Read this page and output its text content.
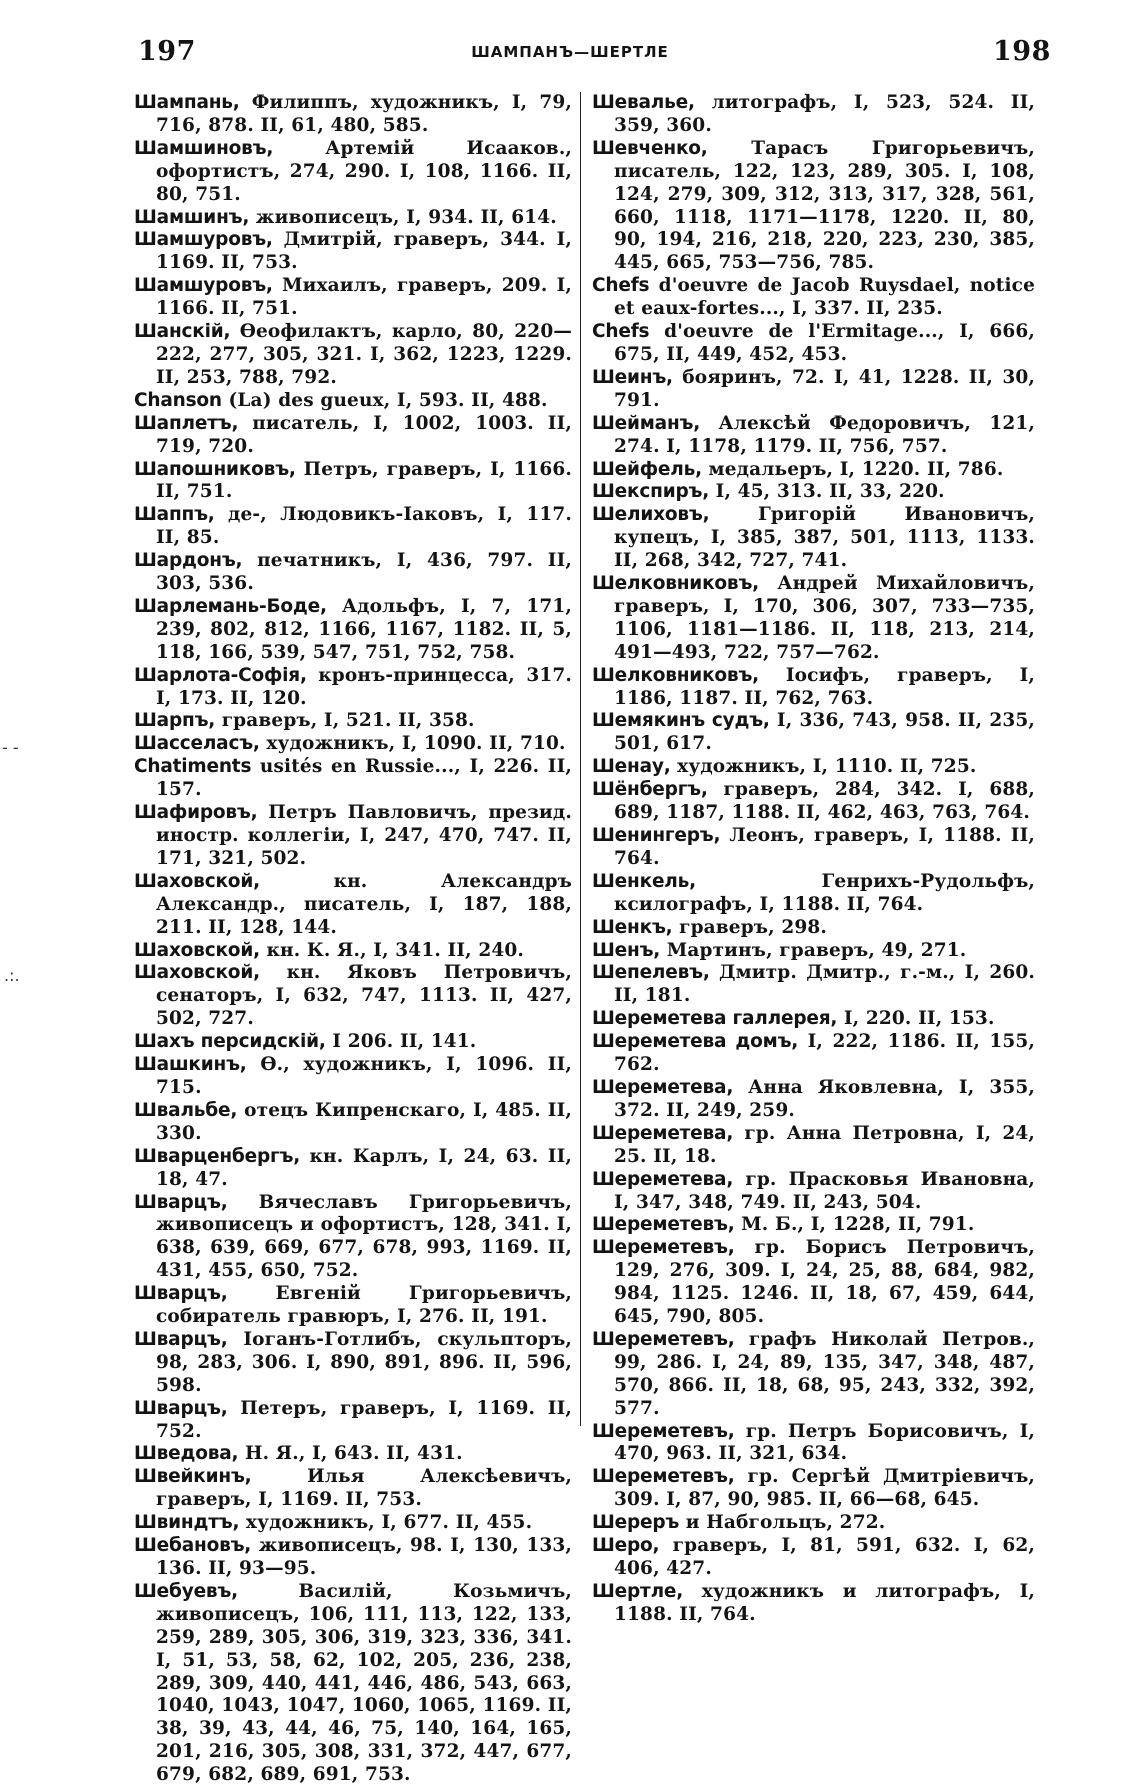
197	ШАМПАНЪ—ШЕРТЛЕ	198

Шампань, Филиппъ, художникъ, I, 79, 716, 878. II, 61, 480, 585.

Шамшиновъ,	Артемій Исааков., офортистъ, 274, 290. I, 108, 1166. II, 80, 751.

Шамшинъ, живописецъ, I, 934. II, 614.

Шамшуровъ, Дмитрій, граверъ, 344. I, 1169. II, 753.

Шамшуровъ, Михаилъ, граверъ, 209. I, 1166. II, 751.

Шанскій, Ѳеофилактъ, карло, 80, 220—222, 277, 305, 321. I, 362, 1223, 1229. II, 253, 788, 792.

Chanson (La) des gueux, I, 593. II, 488.

Шаплетъ, писатель, I, 1002, 1003. II, 719, 720.

Шапошниковъ, Петръ, граверъ, I, 1166. II, 751.

Шаппъ, де-, Людовикъ-Іаковъ, I, 117. II, 85.

Шардонъ, печатникъ, I, 436, 797. II, 303, 536.

Шарлемань-Боде, Адольфъ, I, 7, 171, 239, 802, 812, 1166, 1167, 1182. II, 5, 118, 166, 539, 547, 751, 752, 758.

Шарлота-Софія, кронъ-принцесса, 317. I, 173. II, 120.

Шарпъ, граверъ, I, 521. II, 358.

Шасселасъ, художникъ, I, 1090. II, 710.

Chatiments usités en Russie..., I, 226. II, 157.

Шафировъ, Петръ Павловичъ, презид. иностр. коллегіи, I, 247, 470, 747. II, 171, 321, 502.

Шаховской,	кн. Александръ Александр., писатель, I, 187, 188, 211. II, 128, 144.

Шаховской, кн. К. Я., I, 341. II, 240.

Шаховской, кн. Яковъ Петровичъ, сенаторъ, I, 632, 747, 1113. II, 427, 502, 727.

Шахъ персидскій, I 206. II, 141.

Шашкинъ, Ѳ., художникъ, I, 1096. II, 715.

Швальбе, отецъ Кипренскаго, I, 485. II, 330.

Шварценбергъ, кн. Карлъ, I, 24, 63. II, 18, 47.

Шварцъ, Вячеславъ Григорьевичъ, живописецъ и офортистъ, 128, 341. I, 638, 639, 669, 677, 678, 993, 1169. II, 431, 455, 650, 752.

Шварцъ,	Евгеній Григорьевичъ, собиратель гравюръ, I, 276. II, 191.

Шварцъ, Іоганъ-Готлибъ, скульпторъ, 98, 283, 306. I, 890, 891, 896. II, 596, 598.

Шварцъ, Петеръ, граверъ, I, 1169. II, 752.

Шведова, Н. Я., I, 643. II, 431.

Швейкинъ,	Илья Алексѣевичъ, граверъ, I, 1169. II, 753.

Швиндтъ, художникъ, I, 677. II, 455.

Шебановъ, живописецъ, 98. I, 130, 133, 136. II, 93—95.

Шебуевъ,	Василій, Козьмичъ, живописецъ, 106, 111, 113, 122, 133, 259, 289, 305, 306, 319, 323, 336, 341. I, 51, 53, 58, 62, 102, 205, 236, 238, 289, 309, 440, 441, 446, 486, 543, 663, 1040, 1043, 1047, 1060, 1065, 1169. II, 38, 39, 43, 44, 46, 75, 140, 164, 165, 201, 216, 305, 308, 331, 372, 447, 677, 679, 682, 689, 691, 753.

Шевалье, литографъ, I, 523, 524. II, 359, 360.

Шевченко, Тарасъ Григорьевичъ, писатель, 122, 123, 289, 305. I, 108, 124, 279, 309, 312, 313, 317, 328, 561, 660, 1118, 1171—1178, 1220. II, 80, 90, 194, 216, 218, 220, 223, 230, 385, 445, 665, 753—756, 785.

Chefs d'oeuvre de Jacob Ruysdael, notice et eaux-fortes..., I, 337. II, 235.

Chefs d'oeuvre de l'Ermitage..., I, 666, 675, II, 449, 452, 453.

Шеинъ, бояринъ, 72. I, 41, 1228. II, 30, 791.

Шейманъ, Алексѣй Федоровичъ, 121, 274. I, 1178, 1179. II, 756, 757.

Шейфель, медальеръ, I, 1220. II, 786.

Шекспиръ, I, 45, 313. II, 33, 220.

Шелиховъ,	Григорій Ивановичъ, купецъ, I, 385, 387, 501, 1113, 1133. II, 268, 342, 727, 741.

Шелковниковъ, Андрей Михайловичъ, граверъ, I, 170, 306, 307, 733—735, 1106, 1181—1186. II, 118, 213, 214, 491—493, 722, 757—762.

Шелковниковъ, Іосифъ, граверъ, I, 1186, 1187. II, 762, 763.

Шемякинъ судъ, I, 336, 743, 958. II, 235, 501, 617.

Шенау, художникъ, I, 1110. II, 725.

Шёнбергъ, граверъ, 284, 342. I, 688, 689, 1187, 1188. II, 462, 463, 763, 764.

Шенингеръ, Леонъ, граверъ, I, 1188. II, 764.

Шенкель,	Генрихъ-Рудольфъ, ксилографъ, I, 1188. II, 764.

Шенкъ, граверъ, 298.

Шенъ, Мартинъ, граверъ, 49, 271.

Шепелевъ, Дмитр. Дмитр., г.-м., I, 260. II, 181.

Шереметева галлерея, I, 220. II, 153.

Шереметева домъ, I, 222, 1186. II, 155, 762.

Шереметева, Анна Яковлевна, I, 355, 372. II, 249, 259.

Шереметева, гр. Анна Петровна, I, 24, 25. II, 18.

Шереметева, гр. Прасковья Ивановна, I, 347, 348, 749. II, 243, 504.

Шереметевъ, М. Б., I, 1228, II, 791.

Шереметевъ, гр. Борисъ Петровичъ, 129, 276, 309. I, 24, 25, 88, 684, 982, 984, 1125. 1246. II, 18, 67, 459, 644, 645, 790, 805.

Шереметевъ, графъ Николай Петров., 99, 286. I, 24, 89, 135, 347, 348, 487, 570, 866. II, 18, 68, 95, 243, 332, 392, 577.

Шереметевъ, гр. Петръ Борисовичъ, I, 470, 963. II, 321, 634.

Шереметевъ, гр. Сергѣй Дмитріевичъ, 309. I, 87, 90, 985. II, 66—68, 645.

Шереръ и Набгольцъ, 272.

Шеро, граверъ, I, 81, 591, 632. I, 62, 406, 427.

Шертле, художникъ и литографъ, I, 1188. II, 764.

- -
.:.
